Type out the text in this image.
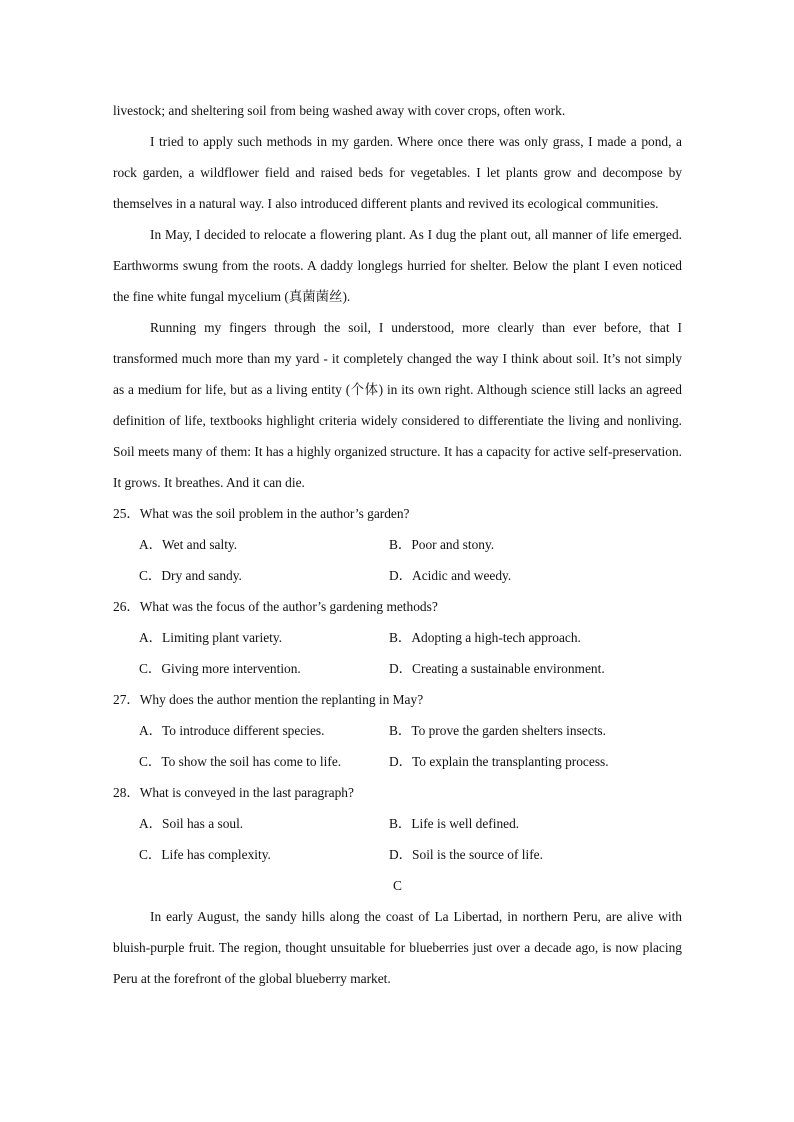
livestock; and sheltering soil from being washed away with cover crops, often work.

I tried to apply such methods in my garden. Where once there was only grass, I made a pond, a rock garden, a wildflower field and raised beds for vegetables. I let plants grow and decompose by themselves in a natural way. I also introduced different plants and revived its ecological communities.

In May, I decided to relocate a flowering plant. As I dug the plant out, all manner of life emerged. Earthworms swung from the roots. A daddy longlegs hurried for shelter. Below the plant I even noticed the fine white fungal mycelium (真菌菌丝).

Running my fingers through the soil, I understood, more clearly than ever before, that I transformed much more than my yard - it completely changed the way I think about soil. It’s not simply as a medium for life, but as a living entity (个体) in its own right. Although science still lacks an agreed definition of life, textbooks highlight criteria widely considered to differentiate the living and nonliving. Soil meets many of them: It has a highly organized structure. It has a capacity for active self-preservation. It grows. It breathes. And it can die.

25．What was the soil problem in the author’s garden?
A．Wet and salty.	B．Poor and stony.
C．Dry and sandy.	D．Acidic and weedy.
26．What was the focus of the author’s gardening methods?
A．Limiting plant variety.	B．Adopting a high-tech approach.
C．Giving more intervention.	D．Creating a sustainable environment.
27．Why does the author mention the replanting in May?
A．To introduce different species.	B．To prove the garden shelters insects.
C．To show the soil has come to life.	D．To explain the transplanting process.
28．What is conveyed in the last paragraph?
A．Soil has a soul.	B．Life is well defined.
C．Life has complexity.	D．Soil is the source of life.
C

In early August, the sandy hills along the coast of La Libertad, in northern Peru, are alive with bluish-purple fruit. The region, thought unsuitable for blueberries just over a decade ago, is now placing Peru at the forefront of the global blueberry market.
